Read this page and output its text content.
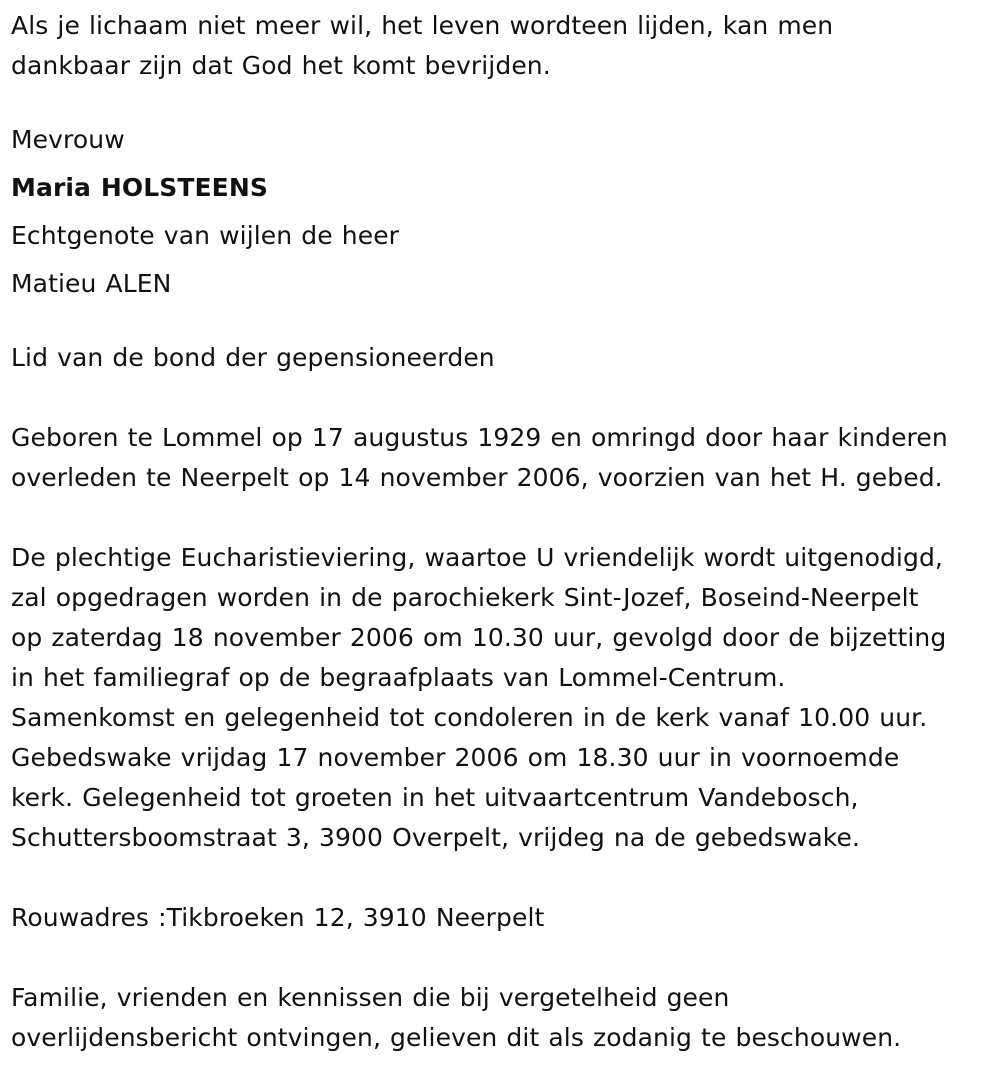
Als je lichaam niet meer wil, het leven wordteen lijden, kan men
dankbaar zijn dat God het komt bevrijden.
Mevrouw
Maria HOLSTEENS
Echtgenote van wijlen de heer
Matieu ALEN
Lid van de bond der gepensioneerden
Geboren te Lommel op 17 augustus 1929 en omringd door haar kinderen
overleden te Neerpelt op 14 november 2006, voorzien van het H. gebed.
De plechtige Eucharistieviering, waartoe U vriendelijk wordt uitgenodigd,
zal opgedragen worden in de parochiekerk Sint-Jozef, Boseind-Neerpelt
op zaterdag 18 november 2006 om 10.30 uur, gevolgd door de bijzetting
in het familiegraf op de begraafplaats van Lommel-Centrum.
Samenkomst en gelegenheid tot condoleren in de kerk vanaf 10.00 uur.
Gebedswake vrijdag 17 november 2006 om 18.30 uur in voornoemde
kerk. Gelegenheid tot groeten in het uitvaartcentrum Vandebosch,
Schuttersboomstraat 3, 3900 Overpelt, vrijdeg na de gebedswake.
Rouwadres :Tikbroeken 12, 3910 Neerpelt
Familie, vrienden en kennissen die bij vergetelheid geen
overlijdensbericht ontvingen, gelieven dit als zodanig te beschouwen.
